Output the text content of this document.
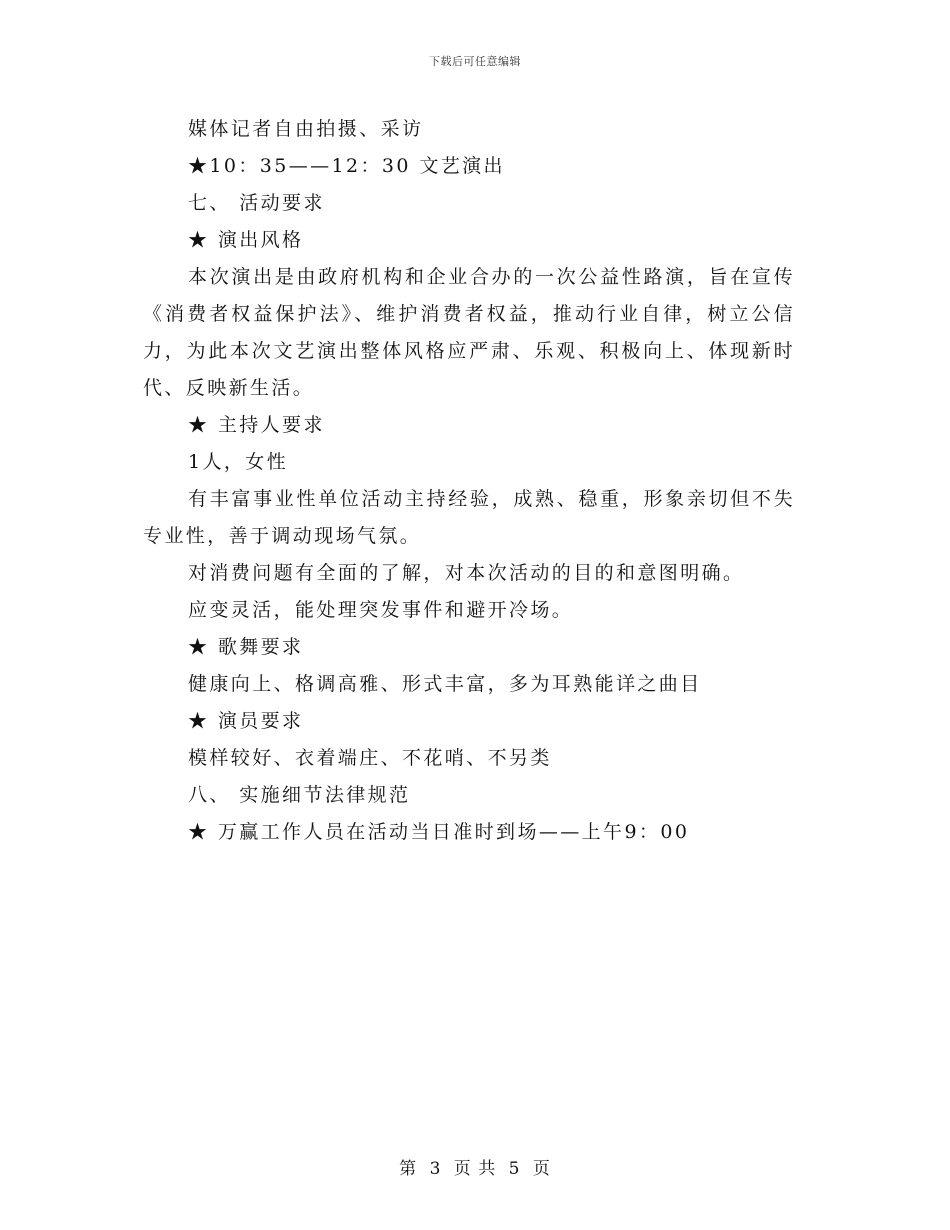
下载后可任意编辑

媒体记者自由拍摄、采访

★10：35——12：30 文艺演出

七、 活动要求

★ 演出风格

本次演出是由政府机构和企业合办的一次公益性路演，旨在宣传《消费者权益保护法》、维护消费者权益，推动行业自律，树立公信力，为此本次文艺演出整体风格应严肃、乐观、积极向上、体现新时代、反映新生活。

★ 主持人要求

1人，女性

有丰富事业性单位活动主持经验，成熟、稳重，形象亲切但不失专业性，善于调动现场气氛。

对消费问题有全面的了解，对本次活动的目的和意图明确。

应变灵活，能处理突发事件和避开冷场。

★ 歌舞要求

健康向上、格调高雅、形式丰富，多为耳熟能详之曲目

★ 演员要求

模样较好、衣着端庄、不花哨、不另类

八、 实施细节法律规范

★ 万赢工作人员在活动当日准时到场——上午9：00

第 3 页 共 5 页
